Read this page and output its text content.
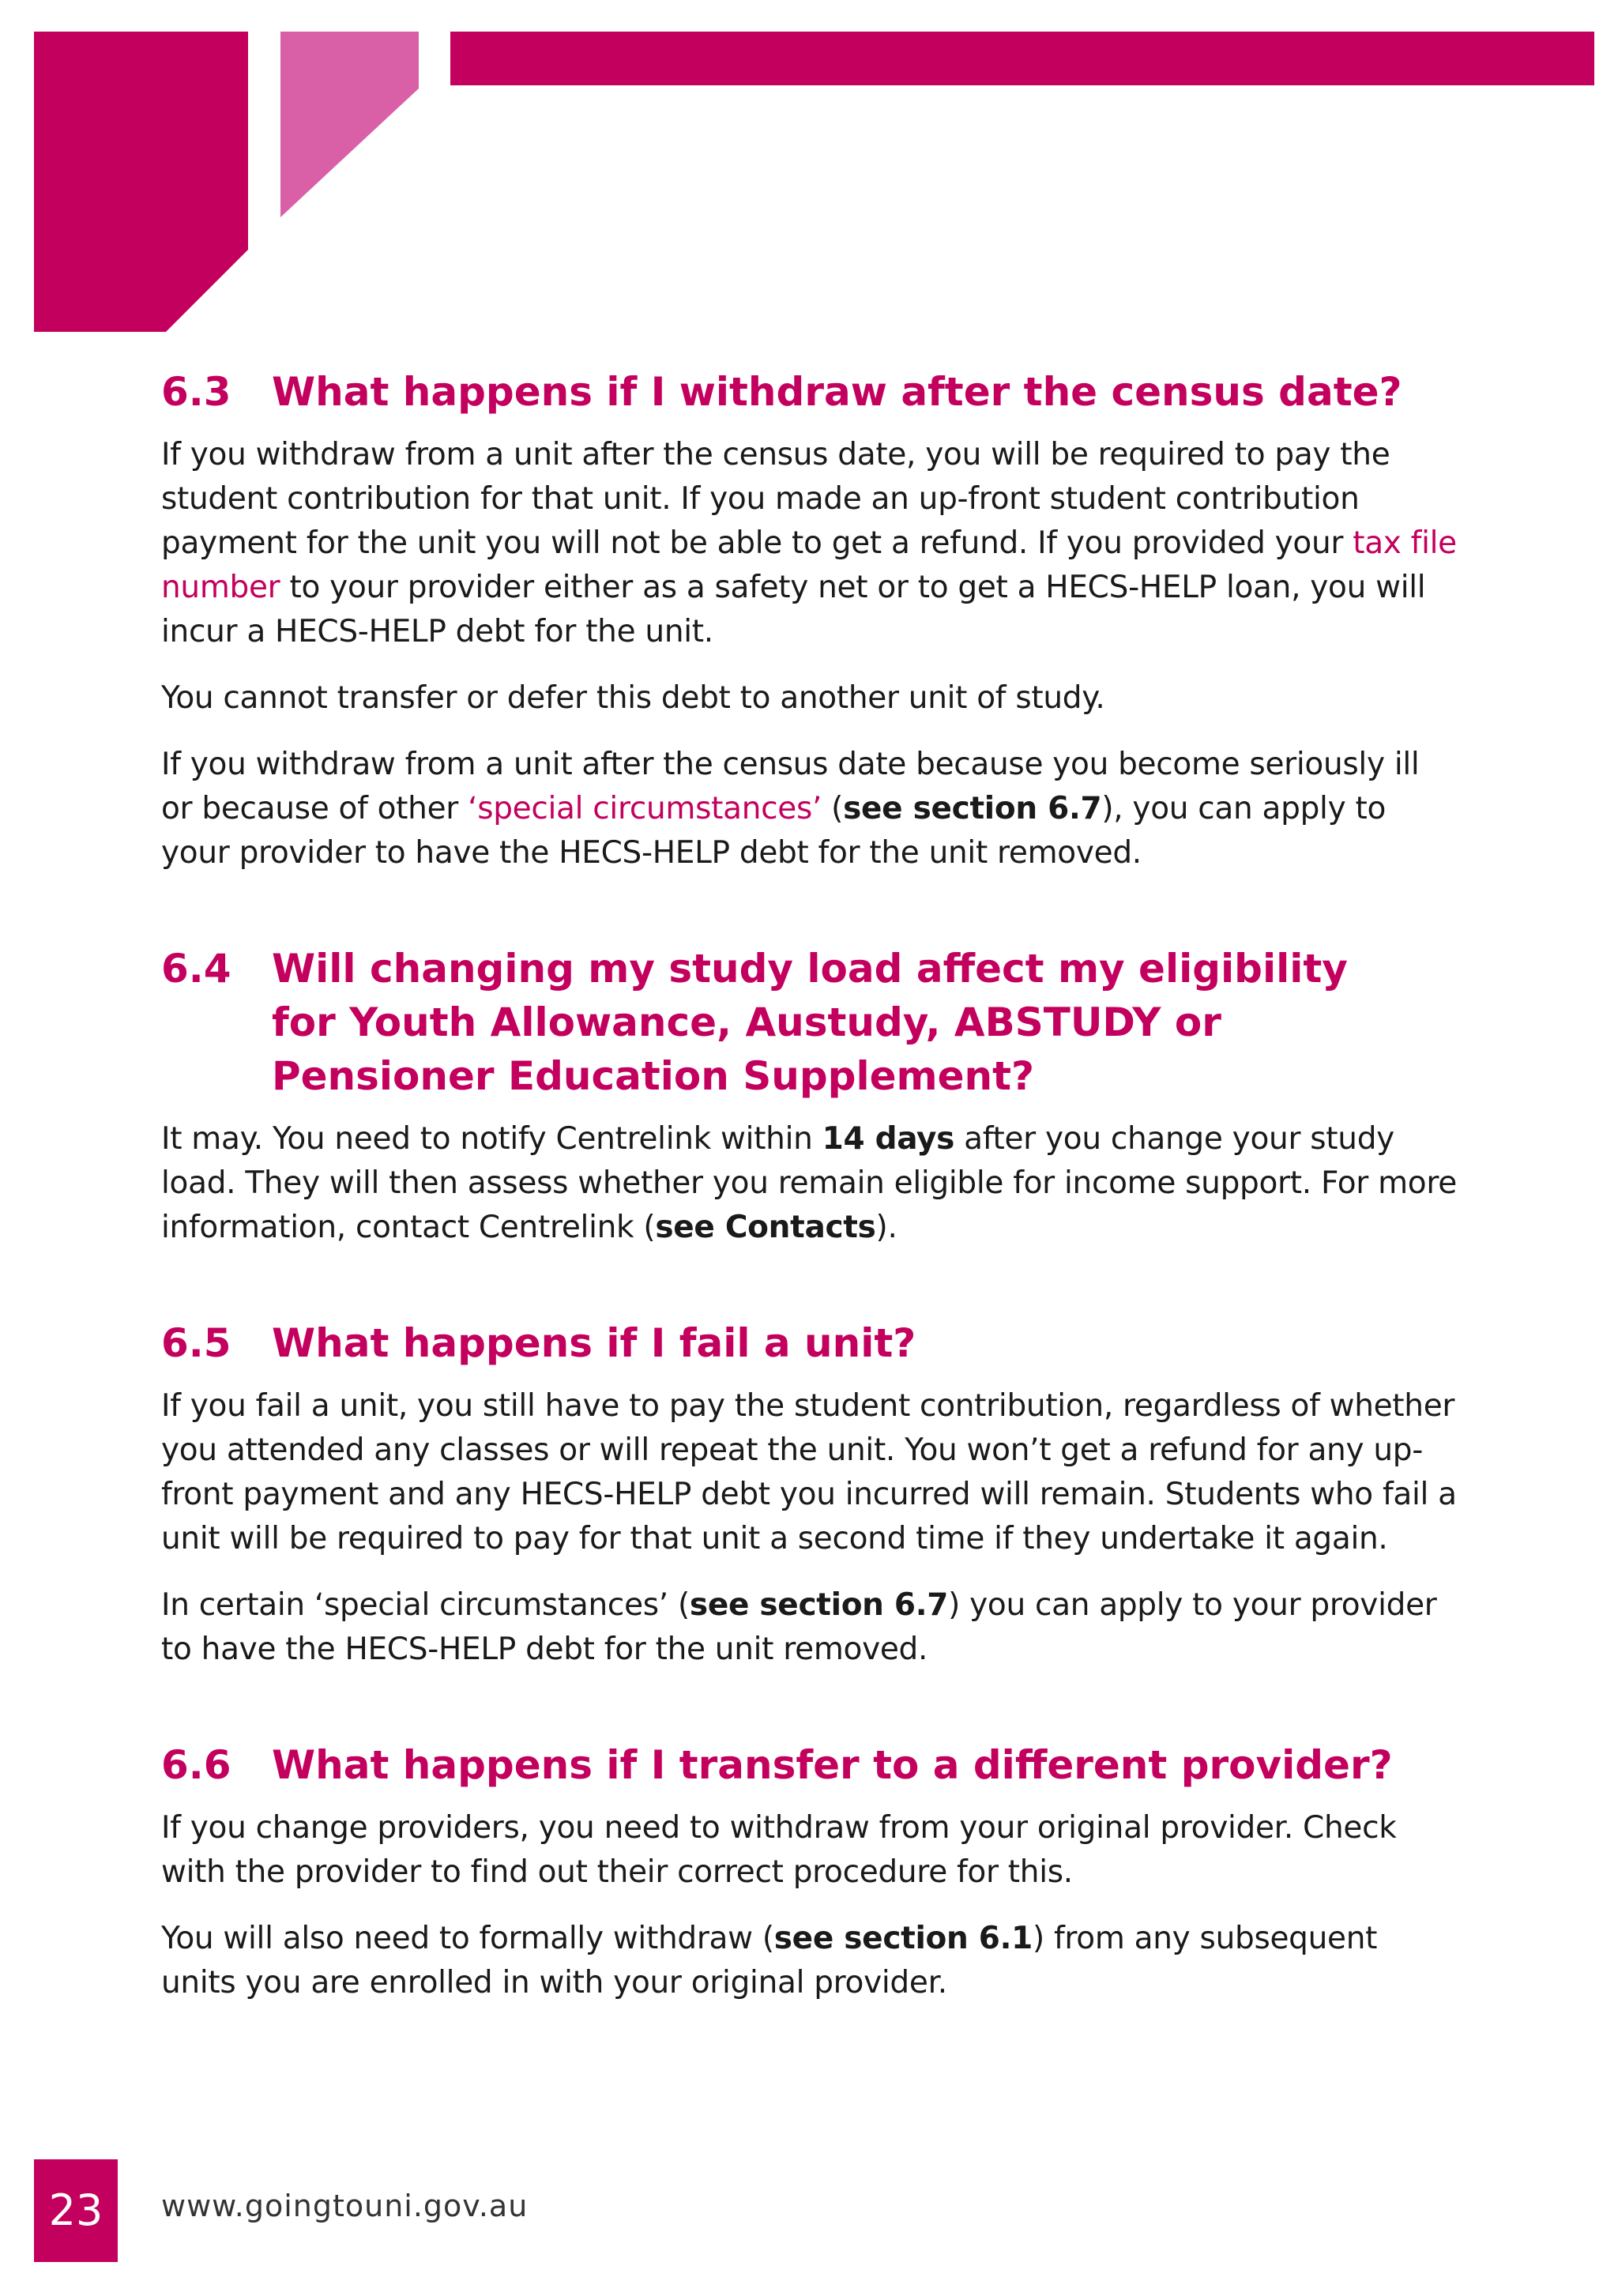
6.3	What happens if I withdraw after the census date?

If you withdraw from a unit after the census date, you will be required to pay the student contribution for that unit. If you made an up-front student contribution payment for the unit you will not be able to get a refund. If you provided your tax file number to your provider either as a safety net or to get a HECS-HELP loan, you will incur a HECS-HELP debt for the unit.

You cannot transfer or defer this debt to another unit of study.

If you withdraw from a unit after the census date because you become seriously ill or because of other ‘special circumstances’ (see section 6.7), you can apply to your provider to have the HECS-HELP debt for the unit removed.

6.4	Will changing my study load affect my eligibility for Youth Allowance, Austudy, ABSTUDY or Pensioner Education Supplement?

It may. You need to notify Centrelink within 14 days after you change your study load. They will then assess whether you remain eligible for income support. For more information, contact Centrelink (see Contacts).

6.5	What happens if I fail a unit?

If you fail a unit, you still have to pay the student contribution, regardless of whether you attended any classes or will repeat the unit. You won’t get a refund for any up-front payment and any HECS-HELP debt you incurred will remain. Students who fail a unit will be required to pay for that unit a second time if they undertake it again.

In certain ‘special circumstances’ (see section 6.7) you can apply to your provider to have the HECS-HELP debt for the unit removed.

6.6	What happens if I transfer to a different provider?

If you change providers, you need to withdraw from your original provider. Check with the provider to find out their correct procedure for this.

You will also need to formally withdraw (see section 6.1) from any subsequent units you are enrolled in with your original provider.

23	www.goingtouni.gov.au
